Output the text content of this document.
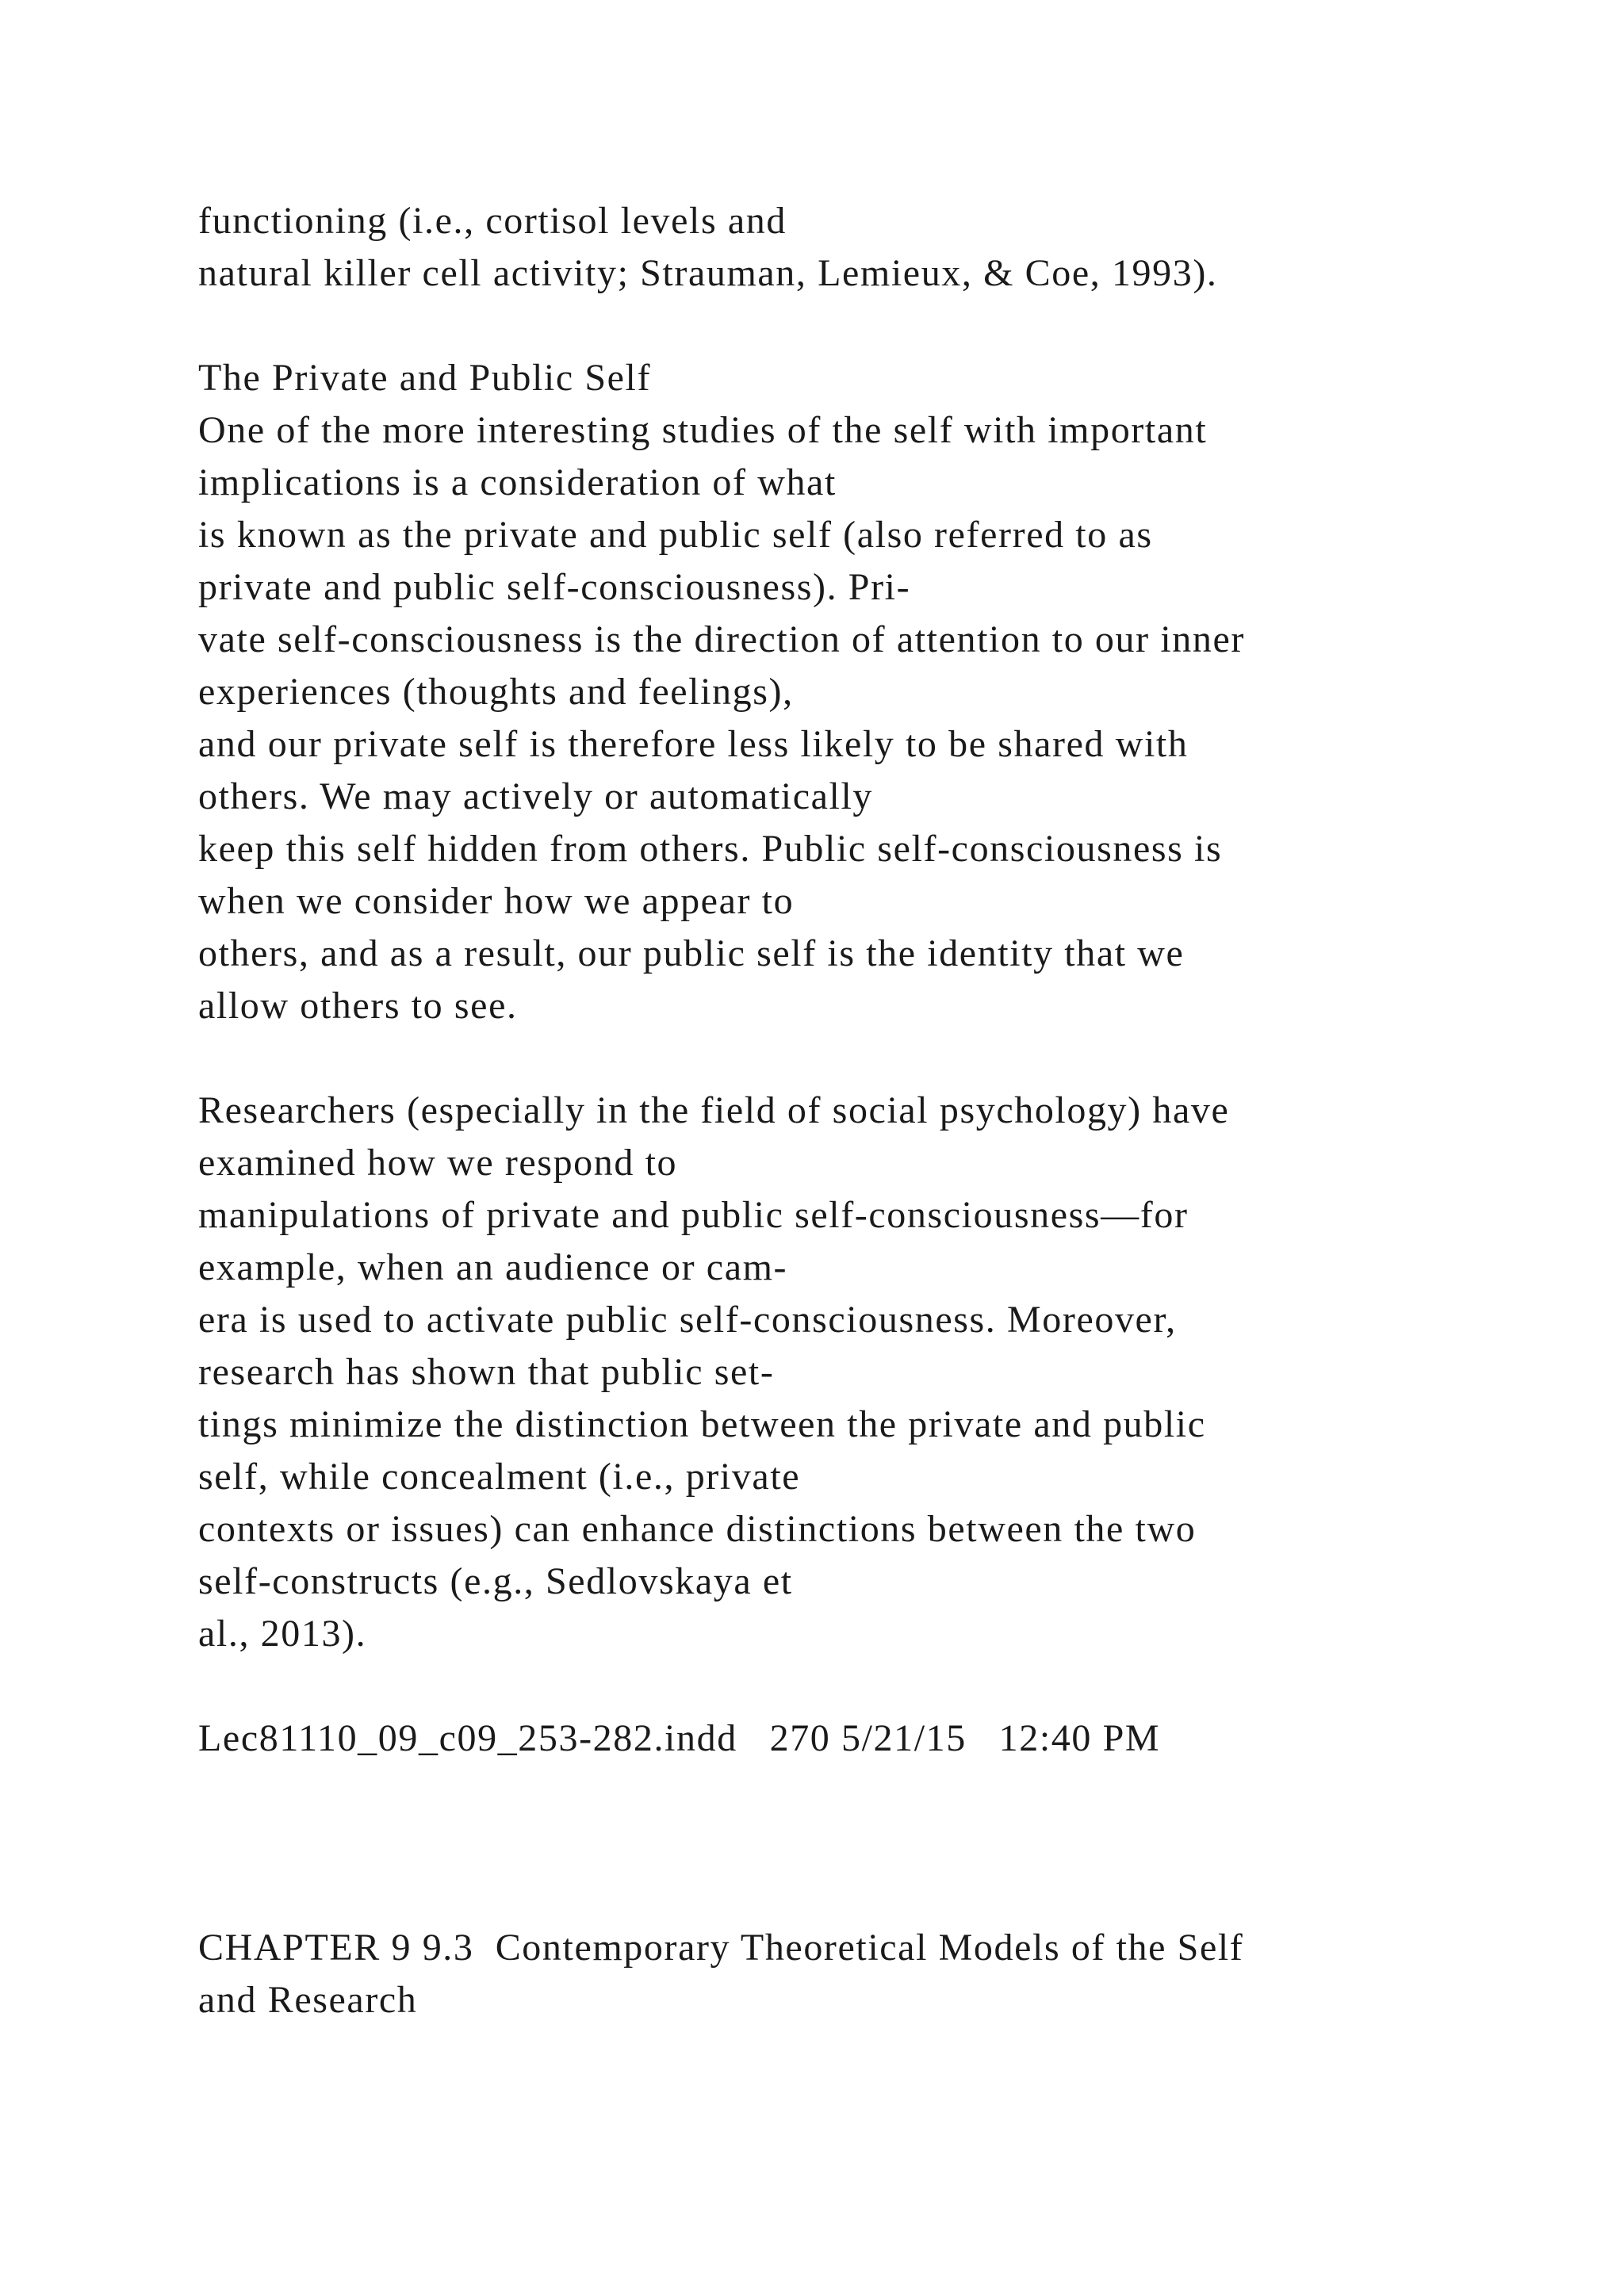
functioning (i.e., cortisol levels and
natural killer cell activity; Strauman, Lemieux, & Coe, 1993).
The Private and Public Self
One of the more interesting studies of the self with important
implications is a consideration of what
is known as the private and public self (also referred to as
private and public self-consciousness). Pri-
vate self-consciousness is the direction of attention to our inner
experiences (thoughts and feelings),
and our private self is therefore less likely to be shared with
others. We may actively or automatically
keep this self hidden from others. Public self-consciousness is
when we consider how we appear to
others, and as a result, our public self is the identity that we
allow others to see.
Researchers (especially in the field of social psychology) have
examined how we respond to
manipulations of private and public self-consciousness—for
example, when an audience or cam-
era is used to activate public self-consciousness. Moreover,
research has shown that public set-
tings minimize the distinction between the private and public
self, while concealment (i.e., private
contexts or issues) can enhance distinctions between the two
self-constructs (e.g., Sedlovskaya et
al., 2013).
Lec81110_09_c09_253-282.indd   270 5/21/15   12:40 PM
CHAPTER 9 9.3  Contemporary Theoretical Models of the Self
and Research
